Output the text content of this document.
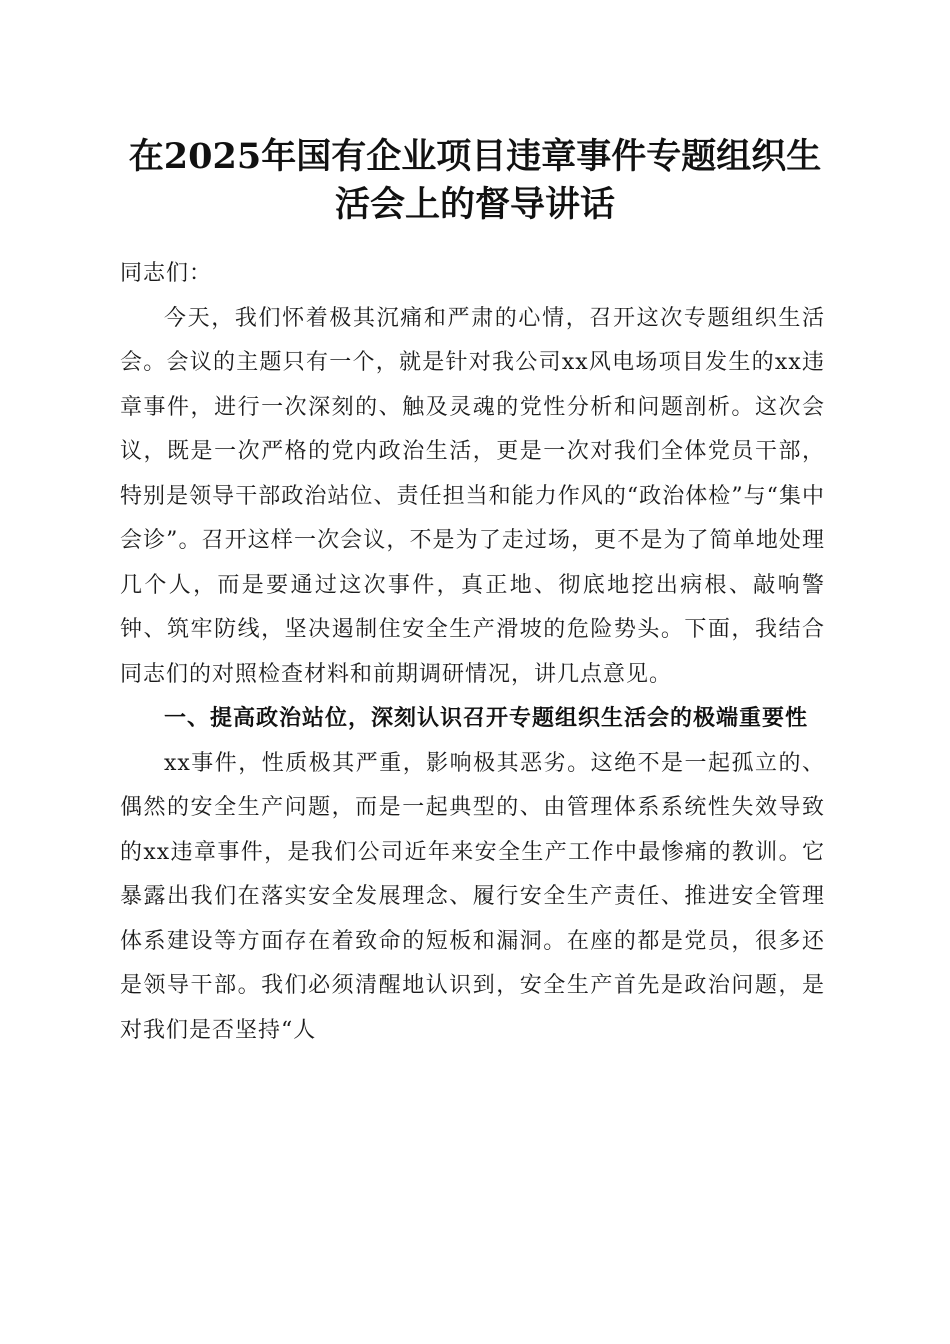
在2025年国有企业项目违章事件专题组织生活会上的督导讲话

同志们：

今天，我们怀着极其沉痛和严肃的心情，召开这次专题组织生活会。会议的主题只有一个，就是针对我公司xx风电场项目发生的xx违章事件，进行一次深刻的、触及灵魂的党性分析和问题剖析。这次会议，既是一次严格的党内政治生活，更是一次对我们全体党员干部，特别是领导干部政治站位、责任担当和能力作风的“政治体检”与“集中会诊”。召开这样一次会议，不是为了走过场，更不是为了简单地处理几个人，而是要通过这次事件，真正地、彻底地挖出病根、敲响警钟、筑牢防线，坚决遏制住安全生产滑坡的危险势头。下面，我结合同志们的对照检查材料和前期调研情况，讲几点意见。

一、提高政治站位，深刻认识召开专题组织生活会的极端重要性

xx事件，性质极其严重，影响极其恶劣。这绝不是一起孤立的、偶然的安全生产问题，而是一起典型的、由管理体系系统性失效导致的xx违章事件，是我们公司近年来安全生产工作中最惨痛的教训。它暴露出我们在落实安全发展理念、履行安全生产责任、推进安全管理体系建设等方面存在着致命的短板和漏洞。在座的都是党员，很多还是领导干部。我们必须清醒地认识到，安全生产首先是政治问题，是对我们是否坚持“人
